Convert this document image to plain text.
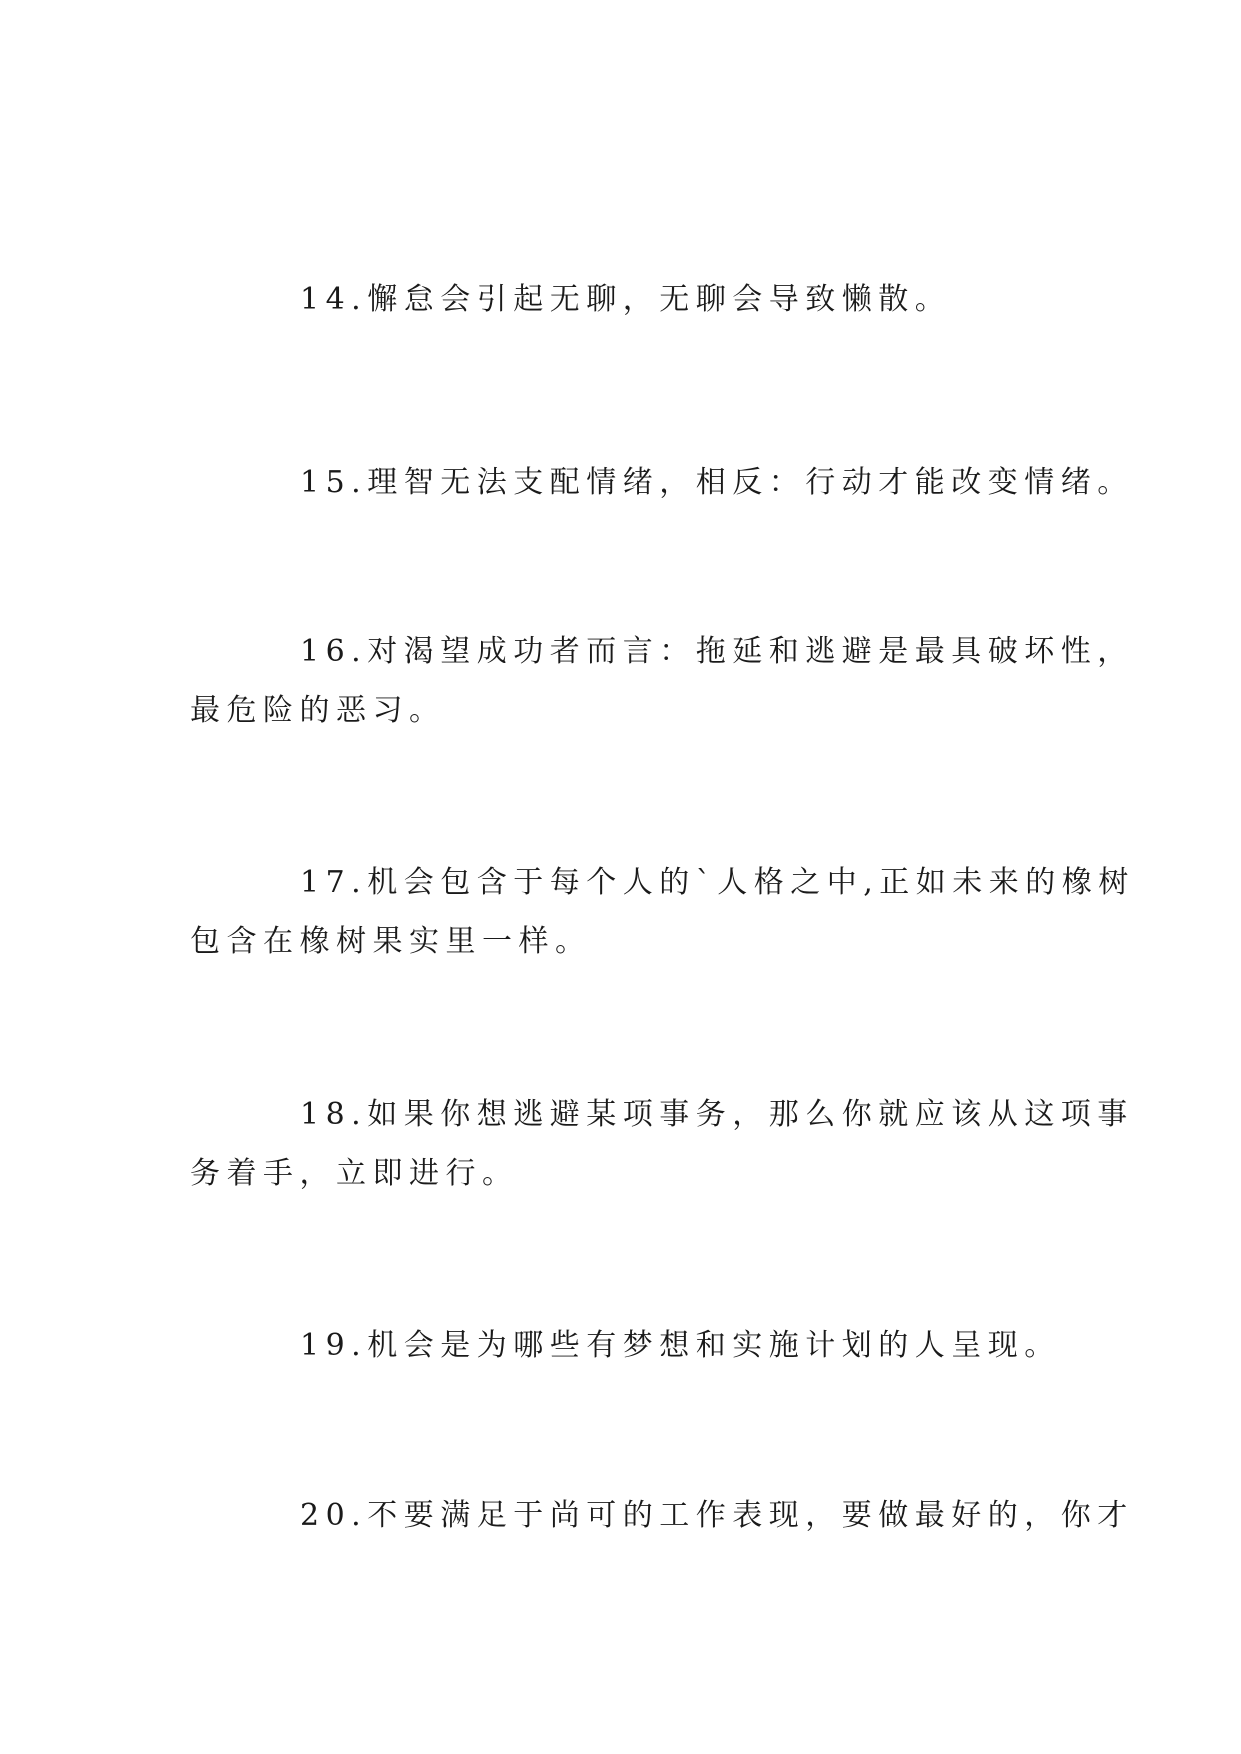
14.懈怠会引起无聊，无聊会导致懒散。
15.理智无法支配情绪，相反：行动才能改变情绪。
16.对渴望成功者而言：拖延和逃避是最具破坏性，
最危险的恶习。
17.机会包含于每个人的`人格之中,正如未来的橡树
包含在橡树果实里一样。
18.如果你想逃避某项事务，那么你就应该从这项事
务着手，立即进行。
19.机会是为哪些有梦想和实施计划的人呈现。
20.不要满足于尚可的工作表现，要做最好的，你才
